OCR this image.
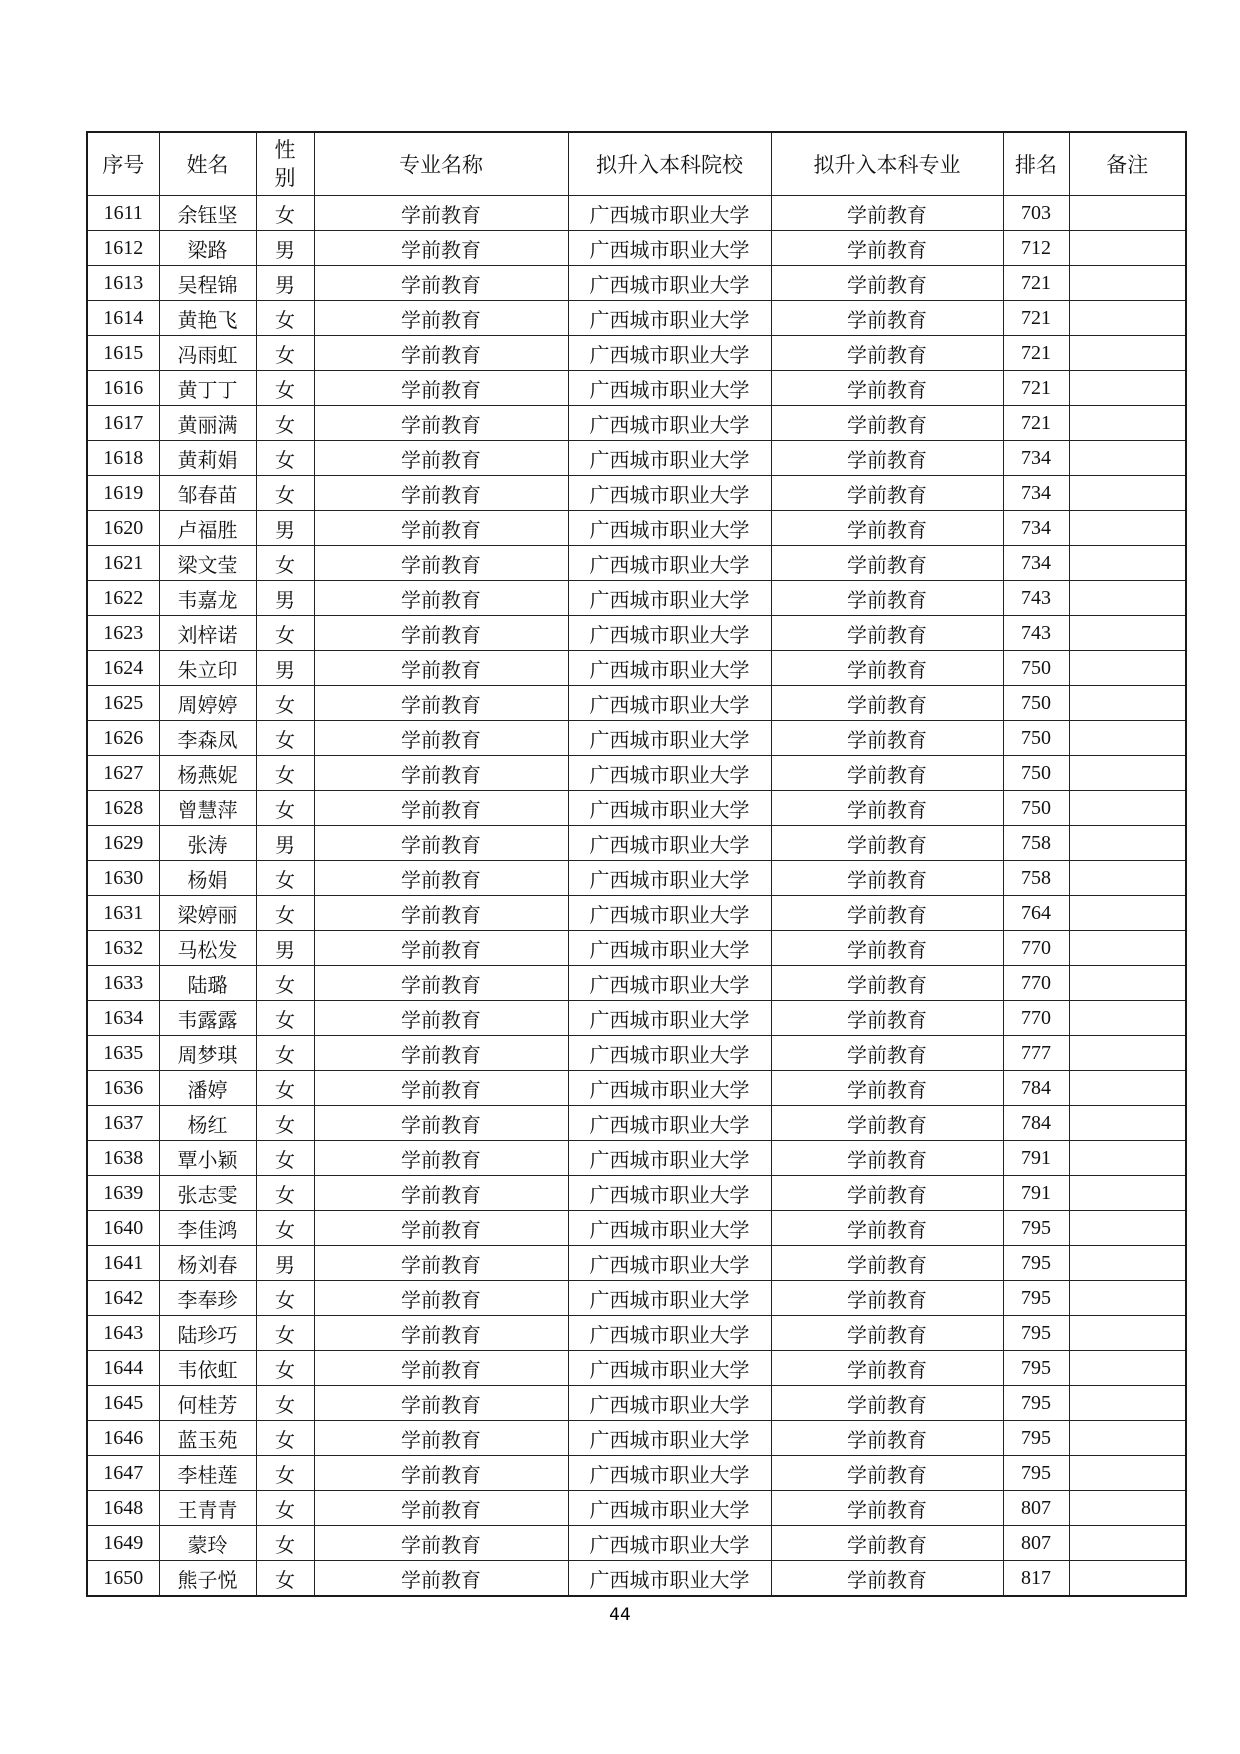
序号	姓名	性别	专业名称	拟升入本科院校	拟升入本科专业	排名	备注
1611	余钰坚	女	学前教育	广西城市职业大学	学前教育	703	
1612	梁路	男	学前教育	广西城市职业大学	学前教育	712	
1613	吴程锦	男	学前教育	广西城市职业大学	学前教育	721	
1614	黄艳飞	女	学前教育	广西城市职业大学	学前教育	721	
1615	冯雨虹	女	学前教育	广西城市职业大学	学前教育	721	
1616	黄丁丁	女	学前教育	广西城市职业大学	学前教育	721	
1617	黄丽满	女	学前教育	广西城市职业大学	学前教育	721	
1618	黄莉娟	女	学前教育	广西城市职业大学	学前教育	734	
1619	邹春苗	女	学前教育	广西城市职业大学	学前教育	734	
1620	卢福胜	男	学前教育	广西城市职业大学	学前教育	734	
1621	梁文莹	女	学前教育	广西城市职业大学	学前教育	734	
1622	韦嘉龙	男	学前教育	广西城市职业大学	学前教育	743	
1623	刘梓诺	女	学前教育	广西城市职业大学	学前教育	743	
1624	朱立印	男	学前教育	广西城市职业大学	学前教育	750	
1625	周婷婷	女	学前教育	广西城市职业大学	学前教育	750	
1626	李森凤	女	学前教育	广西城市职业大学	学前教育	750	
1627	杨燕妮	女	学前教育	广西城市职业大学	学前教育	750	
1628	曾慧萍	女	学前教育	广西城市职业大学	学前教育	750	
1629	张涛	男	学前教育	广西城市职业大学	学前教育	758	
1630	杨娟	女	学前教育	广西城市职业大学	学前教育	758	
1631	梁婷丽	女	学前教育	广西城市职业大学	学前教育	764	
1632	马松发	男	学前教育	广西城市职业大学	学前教育	770	
1633	陆璐	女	学前教育	广西城市职业大学	学前教育	770	
1634	韦露露	女	学前教育	广西城市职业大学	学前教育	770	
1635	周梦琪	女	学前教育	广西城市职业大学	学前教育	777	
1636	潘婷	女	学前教育	广西城市职业大学	学前教育	784	
1637	杨红	女	学前教育	广西城市职业大学	学前教育	784	
1638	覃小颖	女	学前教育	广西城市职业大学	学前教育	791	
1639	张志雯	女	学前教育	广西城市职业大学	学前教育	791	
1640	李佳鸿	女	学前教育	广西城市职业大学	学前教育	795	
1641	杨刘春	男	学前教育	广西城市职业大学	学前教育	795	
1642	李奉珍	女	学前教育	广西城市职业大学	学前教育	795	
1643	陆珍巧	女	学前教育	广西城市职业大学	学前教育	795	
1644	韦依虹	女	学前教育	广西城市职业大学	学前教育	795	
1645	何桂芳	女	学前教育	广西城市职业大学	学前教育	795	
1646	蓝玉苑	女	学前教育	广西城市职业大学	学前教育	795	
1647	李桂莲	女	学前教育	广西城市职业大学	学前教育	795	
1648	王青青	女	学前教育	广西城市职业大学	学前教育	807	
1649	蒙玲	女	学前教育	广西城市职业大学	学前教育	807	
1650	熊子悦	女	学前教育	广西城市职业大学	学前教育	817	
44
